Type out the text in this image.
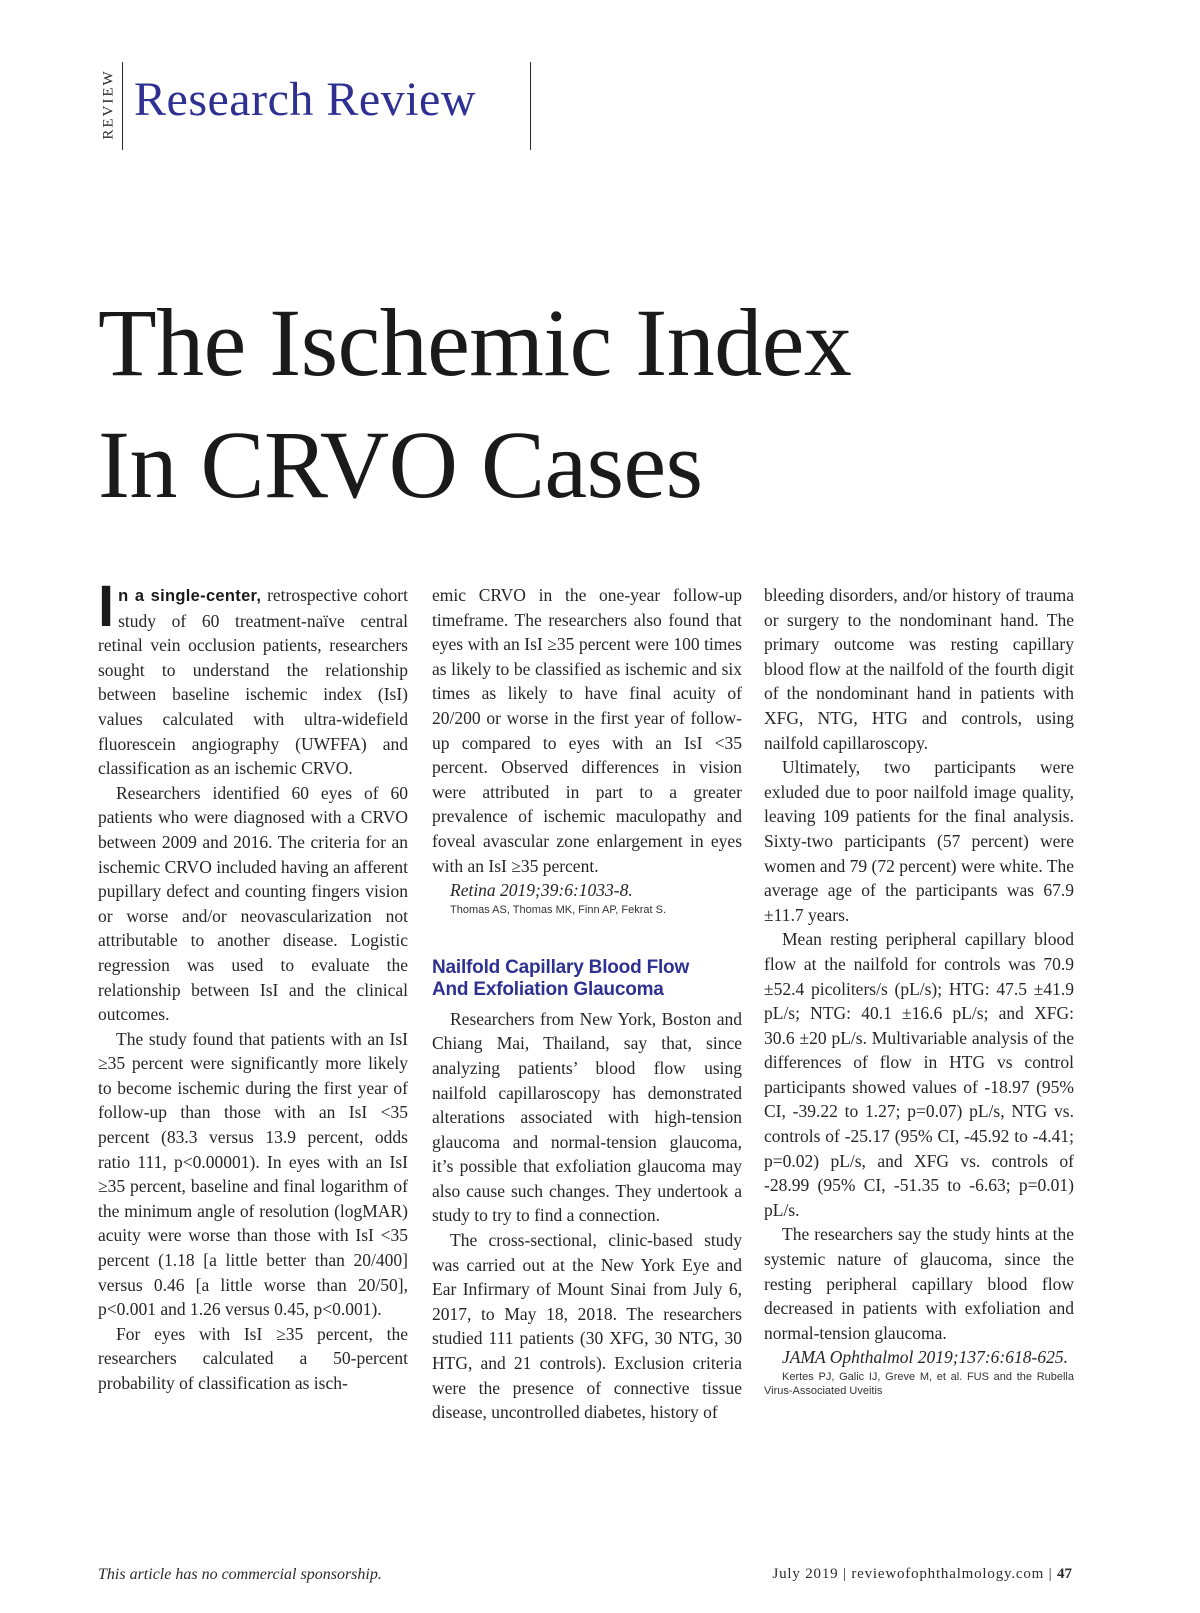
REVIEW Research Review
The Ischemic Index
In CRVO Cases

In a single-center, retrospective cohort study of 60 treatment-naïve central retinal vein occlusion patients, researchers sought to understand the relationship between baseline ischemic index (IsI) values calculated with ultra-widefield fluorescein angiography (UWFFA) and classification as an ischemic CRVO.

Researchers identified 60 eyes of 60 patients who were diagnosed with a CRVO between 2009 and 2016. The criteria for an ischemic CRVO included having an afferent pupillary defect and counting fingers vision or worse and/or neovascularization not attributable to another disease. Logistic regression was used to evaluate the relationship between IsI and the clinical outcomes.

The study found that patients with an IsI ≥35 percent were significantly more likely to become ischemic during the first year of follow-up than those with an IsI <35 percent (83.3 versus 13.9 percent, odds ratio 111, p<0.00001). In eyes with an IsI ≥35 percent, baseline and final logarithm of the minimum angle of resolution (logMAR) acuity were worse than those with IsI <35 percent (1.18 [a little better than 20/400] versus 0.46 [a little worse than 20/50], p<0.001 and 1.26 versus 0.45, p<0.001).

For eyes with IsI ≥35 percent, the researchers calculated a 50-percent probability of classification as isch-

emic CRVO in the one-year follow-up timeframe. The researchers also found that eyes with an IsI ≥35 percent were 100 times as likely to be classified as ischemic and six times as likely to have final acuity of 20/200 or worse in the first year of follow-up compared to eyes with an IsI <35 percent. Observed differences in vision were attributed in part to a greater prevalence of ischemic maculopathy and foveal avascular zone enlargement in eyes with an IsI ≥35 percent.

Retina 2019;39:6:1033-8.

Thomas AS, Thomas MK, Finn AP, Fekrat S.

Nailfold Capillary Blood Flow
And Exfoliation Glaucoma

Researchers from New York, Boston and Chiang Mai, Thailand, say that, since analyzing patients’ blood flow using nailfold capillaroscopy has demonstrated alterations associated with high-tension glaucoma and normal-tension glaucoma, it’s possible that exfoliation glaucoma may also cause such changes. They undertook a study to try to find a connection.

The cross-sectional, clinic-based study was carried out at the New York Eye and Ear Infirmary of Mount Sinai from July 6, 2017, to May 18, 2018. The researchers studied 111 patients (30 XFG, 30 NTG, 30 HTG, and 21 controls). Exclusion criteria were the presence of connective tissue disease, uncontrolled diabetes, history of

bleeding disorders, and/or history of trauma or surgery to the nondominant hand. The primary outcome was resting capillary blood flow at the nailfold of the fourth digit of the nondominant hand in patients with XFG, NTG, HTG and controls, using nailfold capillaroscopy.

Ultimately, two participants were exluded due to poor nailfold image quality, leaving 109 patients for the final analysis. Sixty-two participants (57 percent) were women and 79 (72 percent) were white. The average age of the participants was 67.9 ±11.7 years.

Mean resting peripheral capillary blood flow at the nailfold for controls was 70.9 ±52.4 picoliters/s (pL/s); HTG: 47.5 ±41.9 pL/s; NTG: 40.1 ±16.6 pL/s; and XFG: 30.6 ±20 pL/s. Multivariable analysis of the differences of flow in HTG vs control participants showed values of -18.97 (95% CI, -39.22 to 1.27; p=0.07) pL/s, NTG vs. controls of -25.17 (95% CI, -45.92 to -4.41; p=0.02) pL/s, and XFG vs. controls of -28.99 (95% CI, -51.35 to -6.63; p=0.01) pL/s.

The researchers say the study hints at the systemic nature of glaucoma, since the resting peripheral capillary blood flow decreased in patients with exfoliation and normal-tension glaucoma.

JAMA Ophthalmol 2019;137:6:618-625.

Kertes PJ, Galic IJ, Greve M, et al. FUS and the Rubella Virus-Associated Uveitis

This article has no commercial sponsorship.	July 2019 | reviewofophthalmology.com | 47
